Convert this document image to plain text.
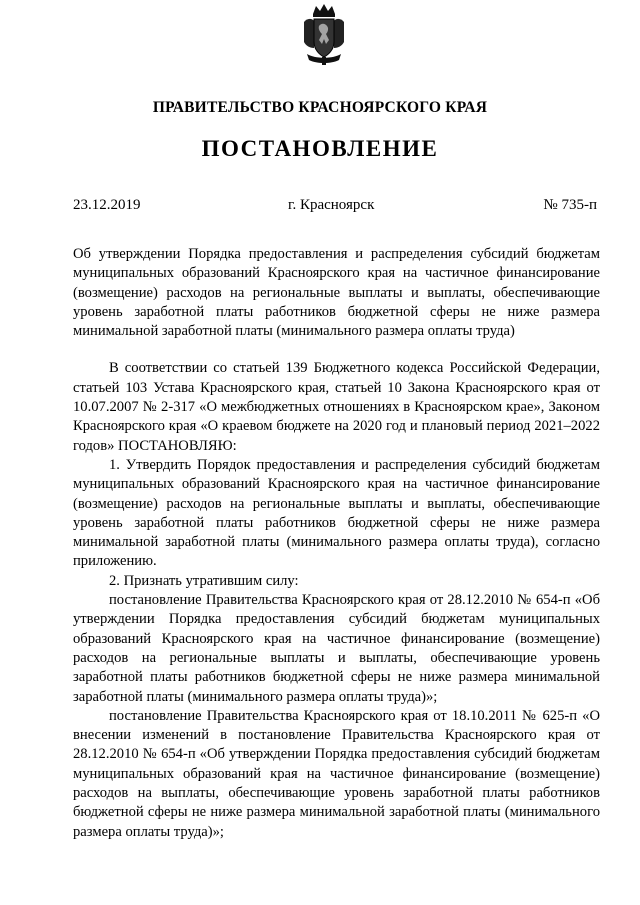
ПРАВИТЕЛЬСТВО КРАСНОЯРСКОГО КРАЯ
ПОСТАНОВЛЕНИЕ
23.12.2019	г. Красноярск	№ 735-п

Об утверждении Порядка предоставления и распределения субсидий бюджетам муниципальных образований Красноярского края на частичное финансирование (возмещение) расходов на региональные выплаты и выплаты, обеспечивающие уровень заработной платы работников бюджетной сферы не ниже размера минимальной заработной платы (минимального размера оплаты труда)

В соответствии со статьей 139 Бюджетного кодекса Российской Федерации, статьей 103 Устава Красноярского края, статьей 10 Закона Красноярского края от 10.07.2007 № 2-317 «О межбюджетных отношениях в Красноярском крае», Законом Красноярского края «О краевом бюджете на 2020 год и плановый период 2021–2022 годов» ПОСТАНОВЛЯЮ:

1. Утвердить Порядок предоставления и распределения субсидий бюджетам муниципальных образований Красноярского края на частичное финансирование (возмещение) расходов на региональные выплаты и выплаты, обеспечивающие уровень заработной платы работников бюджетной сферы не ниже размера минимальной заработной платы (минимального размера оплаты труда), согласно приложению.

2. Признать утратившим силу:

постановление Правительства Красноярского края от 28.12.2010 № 654-п «Об утверждении Порядка предоставления субсидий бюджетам муниципальных образований Красноярского края на частичное финансирование (возмещение) расходов на региональные выплаты и выплаты, обеспечивающие уровень заработной платы работников бюджетной сферы не ниже размера минимальной заработной платы (минимального размера оплаты труда)»;

постановление Правительства Красноярского края от 18.10.2011 № 625-п «О внесении изменений в постановление Правительства Красноярского края от 28.12.2010 № 654-п «Об утверждении Порядка предоставления субсидий бюджетам муниципальных образований края на частичное финансирование (возмещение) расходов на выплаты, обеспечивающие уровень заработной платы работников бюджетной сферы не ниже размера минимальной заработной платы (минимального размера оплаты труда)»;
